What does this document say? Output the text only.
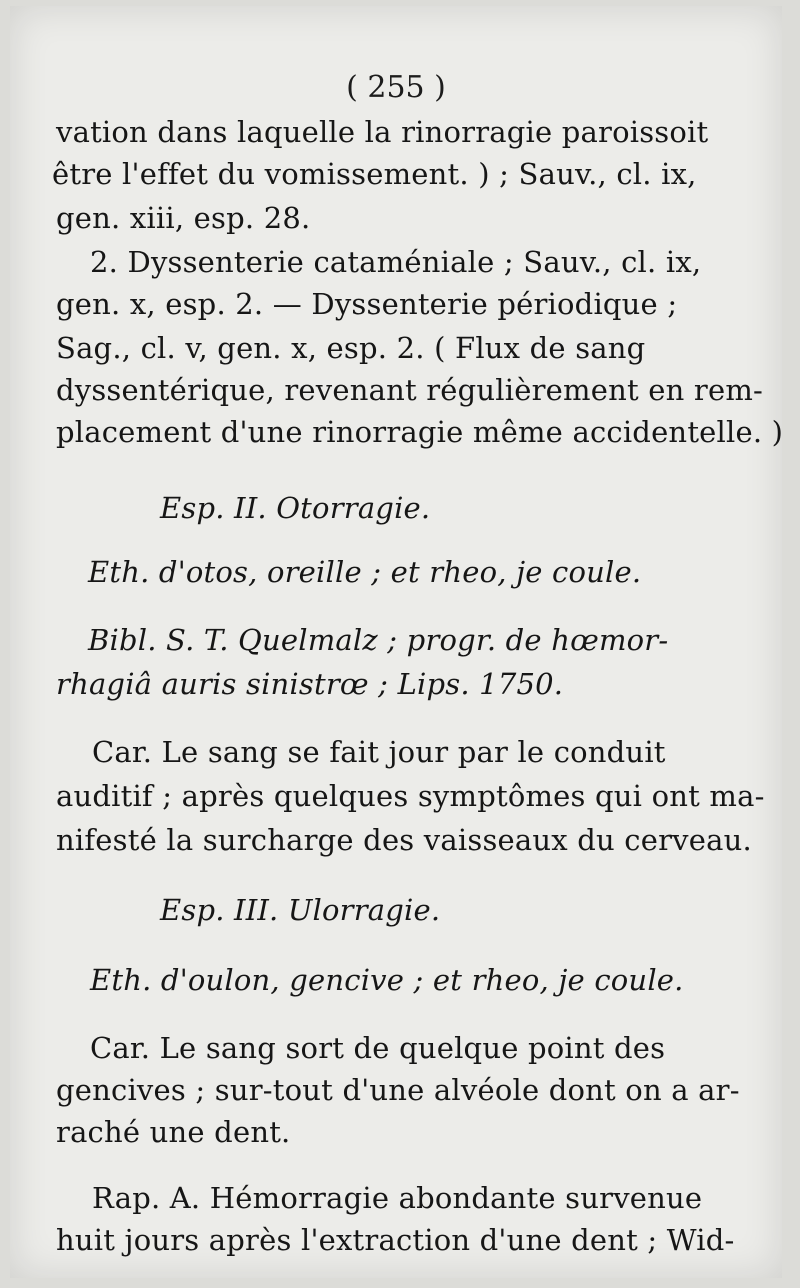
( 255 )
vation dans laquelle la rinorragie paroissoit
être l'effet du vomissement. ) ; Sauv., cl. ix,
gen. xiii, esp. 28.
2. Dyssenterie cataméniale ; Sauv., cl. ix,
gen. x, esp. 2. — Dyssenterie périodique ;
Sag., cl. v, gen. x, esp. 2. ( Flux de sang
dyssentérique, revenant régulièrement en rem-
placement d'une rinorragie même accidentelle. )
Esp. II. Otorragie.
Eth. d'otos, oreille ; et rheo, je coule.
Bibl. S. T. Quelmalz ; progr. de hœmor-
rhagiâ auris sinistrœ ; Lips. 1750.
Car. Le sang se fait jour par le conduit
auditif ; après quelques symptômes qui ont ma-
nifesté la surcharge des vaisseaux du cerveau.
Esp. III. Ulorragie.
Eth. d'oulon, gencive ; et rheo, je coule.
Car. Le sang sort de quelque point des
gencives ; sur-tout d'une alvéole dont on a ar-
raché une dent.
Rap. A. Hémorragie abondante survenue
huit jours après l'extraction d'une dent ; Wid-
